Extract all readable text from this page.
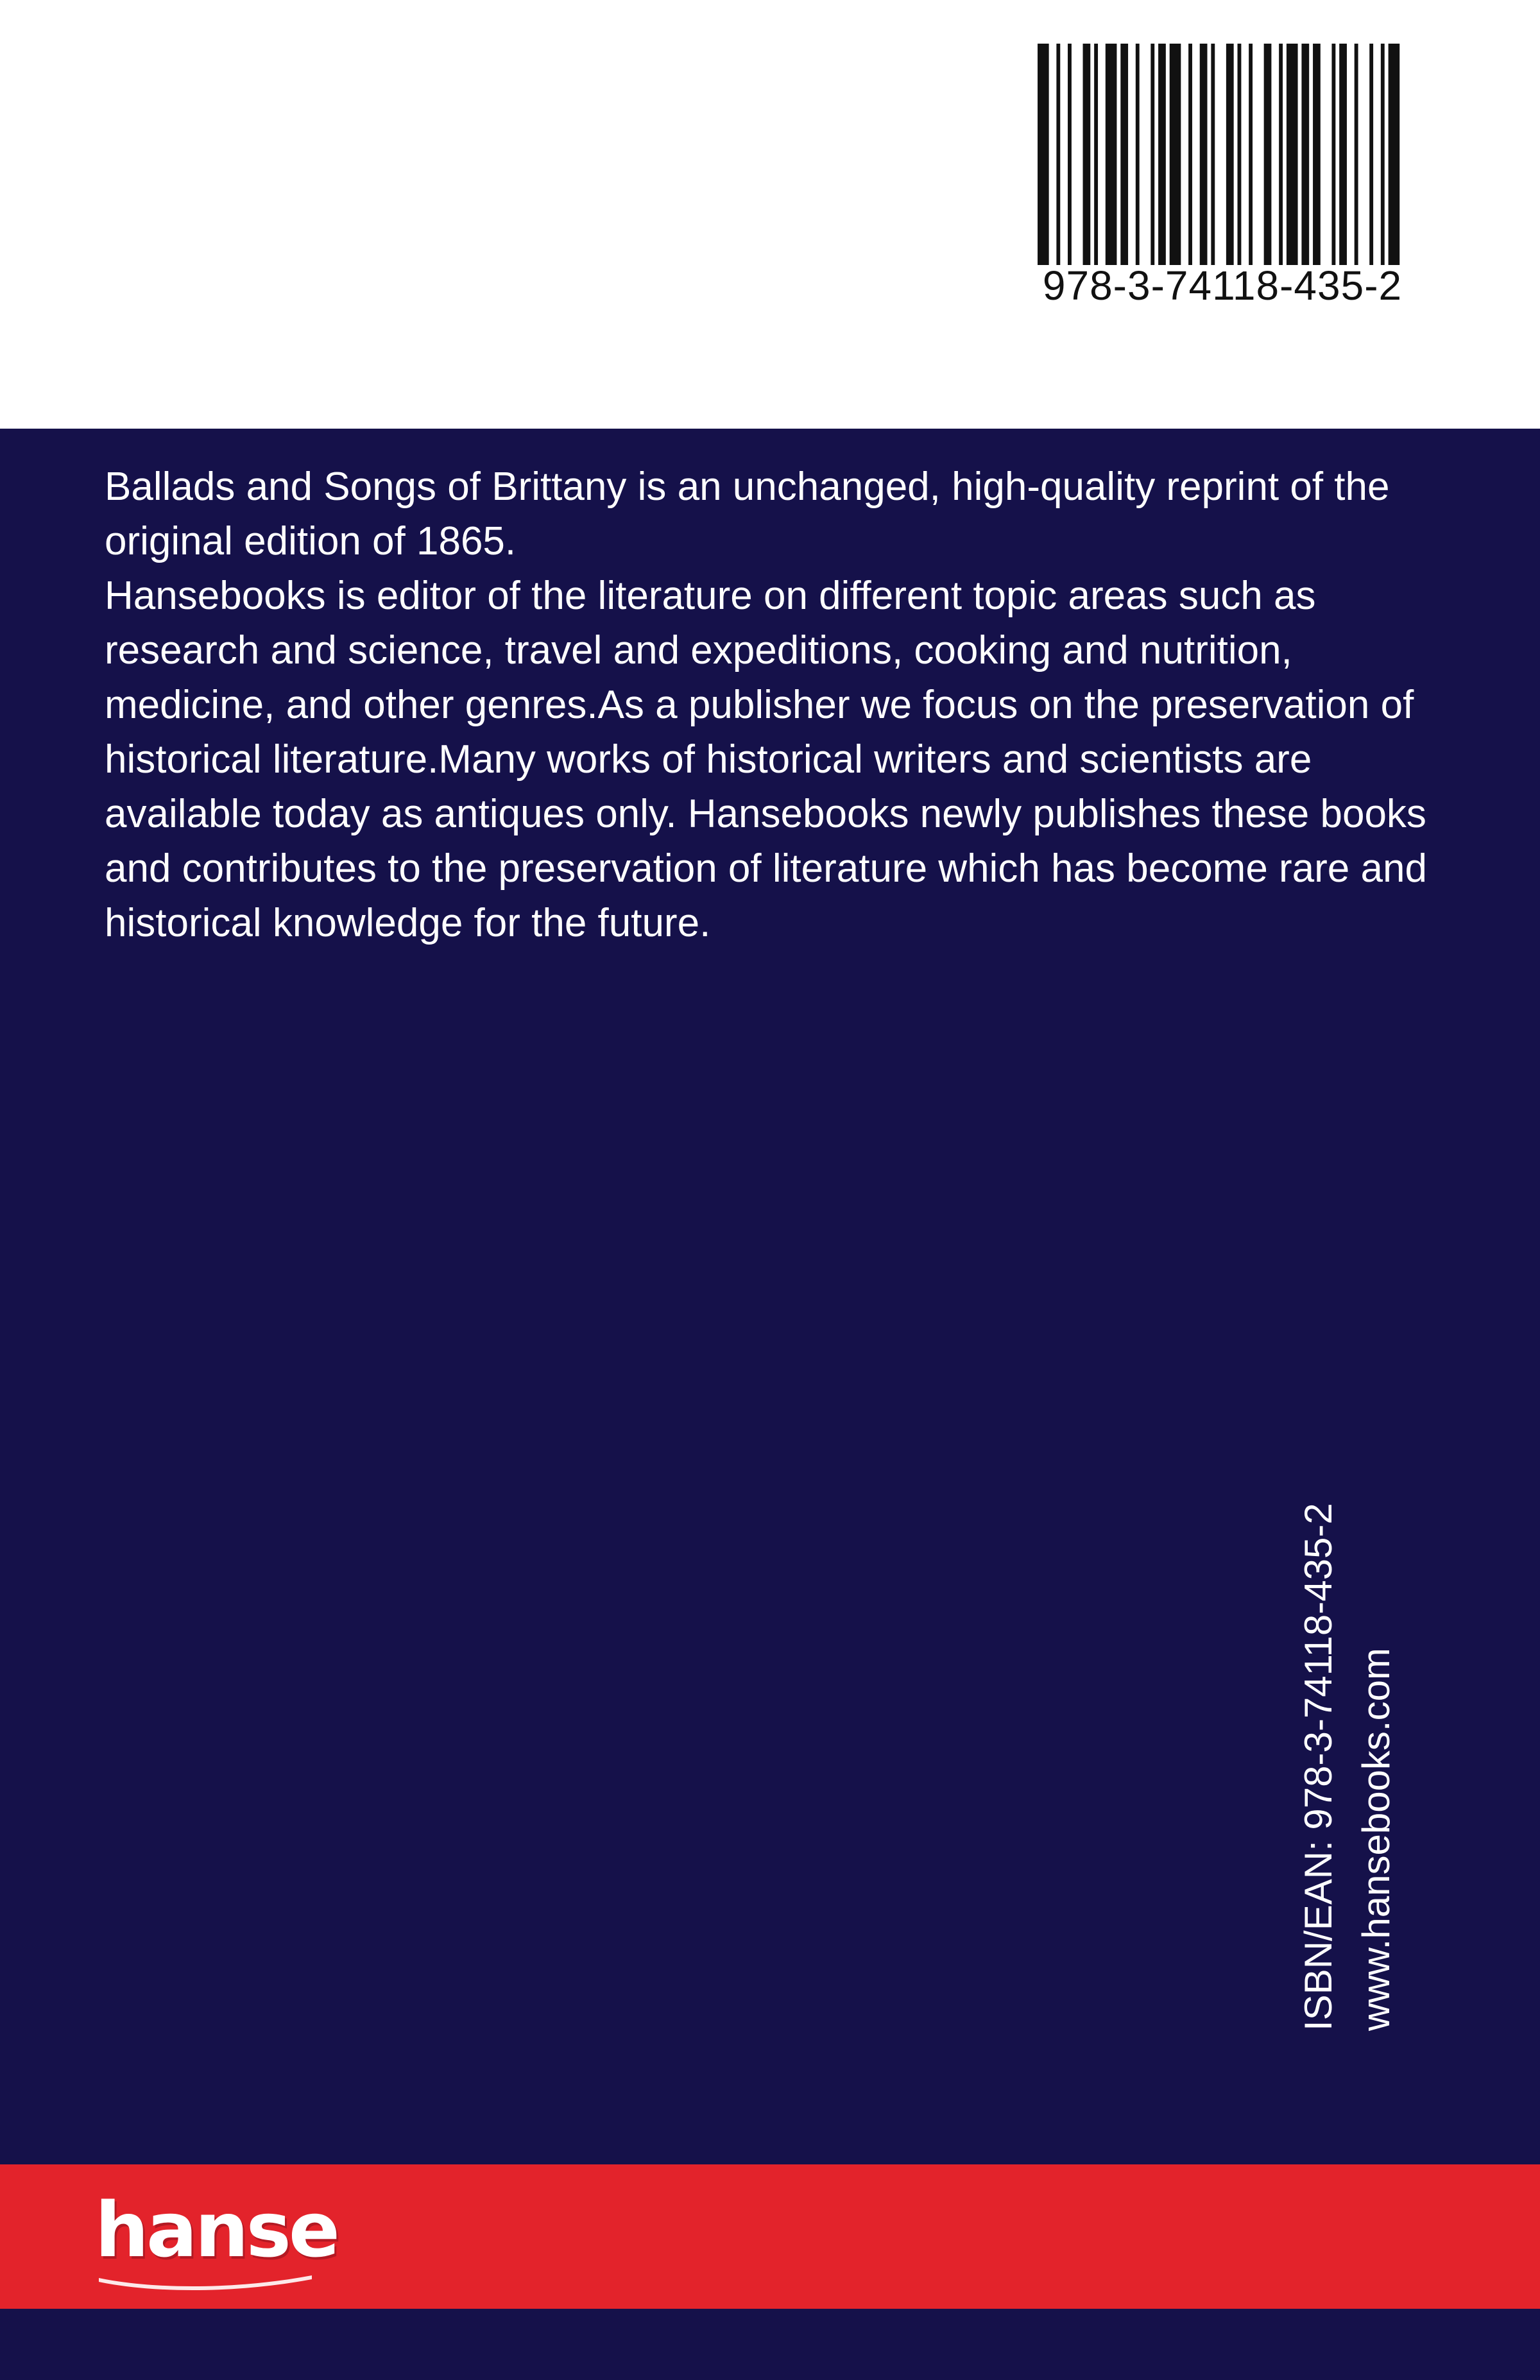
978-3-74118-435-2

Ballads and Songs of Brittany is an unchanged, high-quality reprint of the original edition of 1865.

Hansebooks is editor of the literature on different topic areas such as research and science, travel and expeditions, cooking and nutrition, medicine, and other genres.As a publisher we focus on the preservation of historical literature.Many works of historical writers and scientists are available today as antiques only. Hansebooks newly publishes these books and contributes to the preservation of literature which has become rare and historical knowledge for the future.

ISBN/EAN: 978-3-74118-435-2 www.hansebooks.com
hanse
